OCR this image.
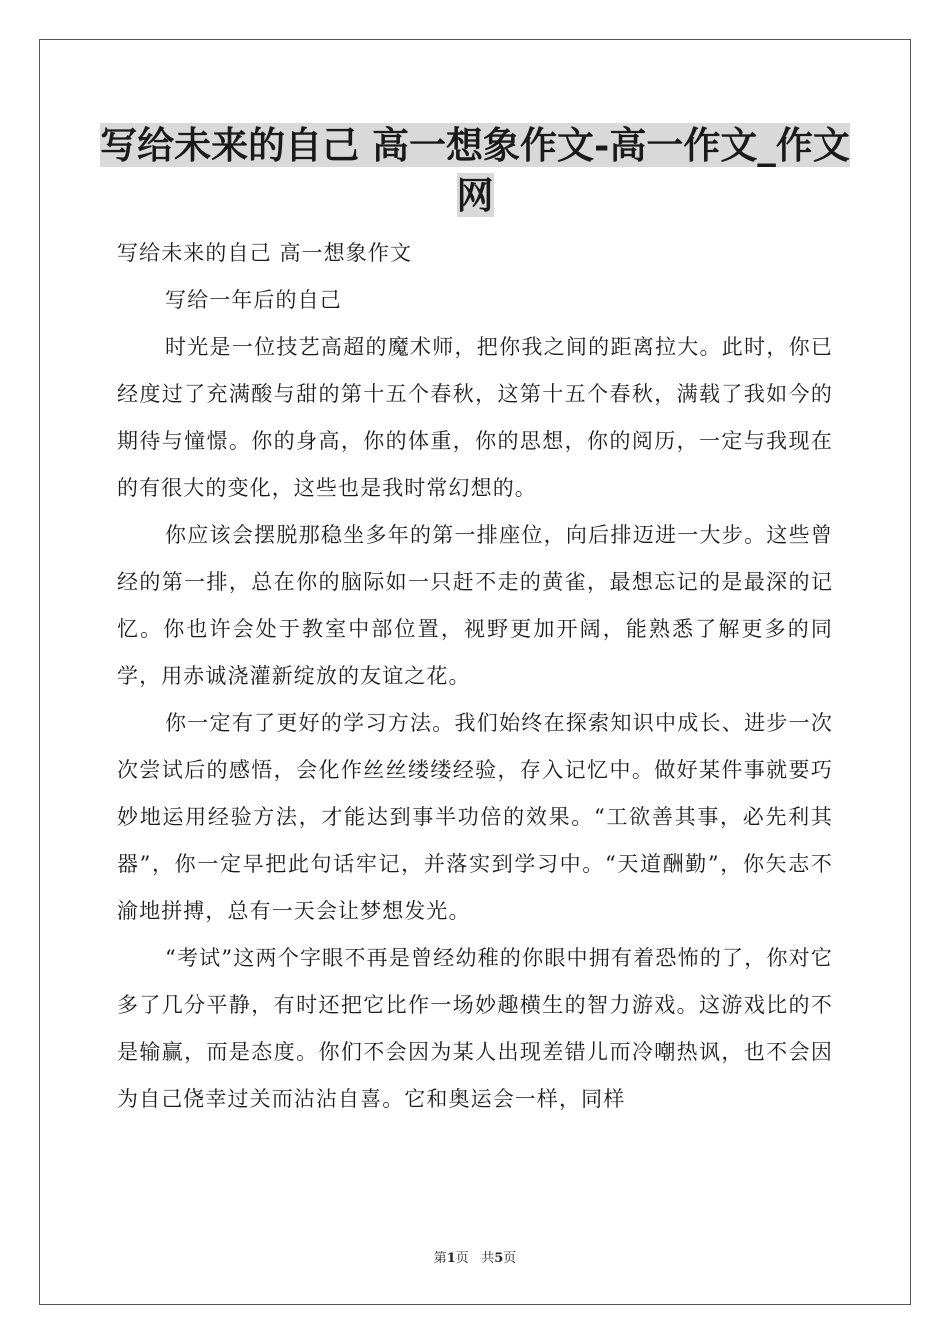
写给未来的自己 高一想象作文-高一作文_作文网

写给未来的自己 高一想象作文

写给一年后的自己

时光是一位技艺高超的魔术师，把你我之间的距离拉大。此时，你已经度过了充满酸与甜的第十五个春秋，这第十五个春秋，满载了我如今的期待与憧憬。你的身高，你的体重，你的思想，你的阅历，一定与我现在的有很大的变化，这些也是我时常幻想的。

你应该会摆脱那稳坐多年的第一排座位，向后排迈进一大步。这些曾经的第一排，总在你的脑际如一只赶不走的黄雀，最想忘记的是最深的记忆。你也许会处于教室中部位置，视野更加开阔，能熟悉了解更多的同学，用赤诚浇灌新绽放的友谊之花。

你一定有了更好的学习方法。我们始终在探索知识中成长、进步一次次尝试后的感悟，会化作丝丝缕缕经验，存入记忆中。做好某件事就要巧妙地运用经验方法，才能达到事半功倍的效果。“工欲善其事，必先利其器”，你一定早把此句话牢记，并落实到学习中。“天道酬勤”，你矢志不渝地拼搏，总有一天会让梦想发光。

“考试”这两个字眼不再是曾经幼稚的你眼中拥有着恐怖的了，你对它多了几分平静，有时还把它比作一场妙趣横生的智力游戏。这游戏比的不是输赢，而是态度。你们不会因为某人出现差错儿而冷嘲热讽，也不会因为自己侥幸过关而沾沾自喜。它和奥运会一样，同样

第1页 共5页
